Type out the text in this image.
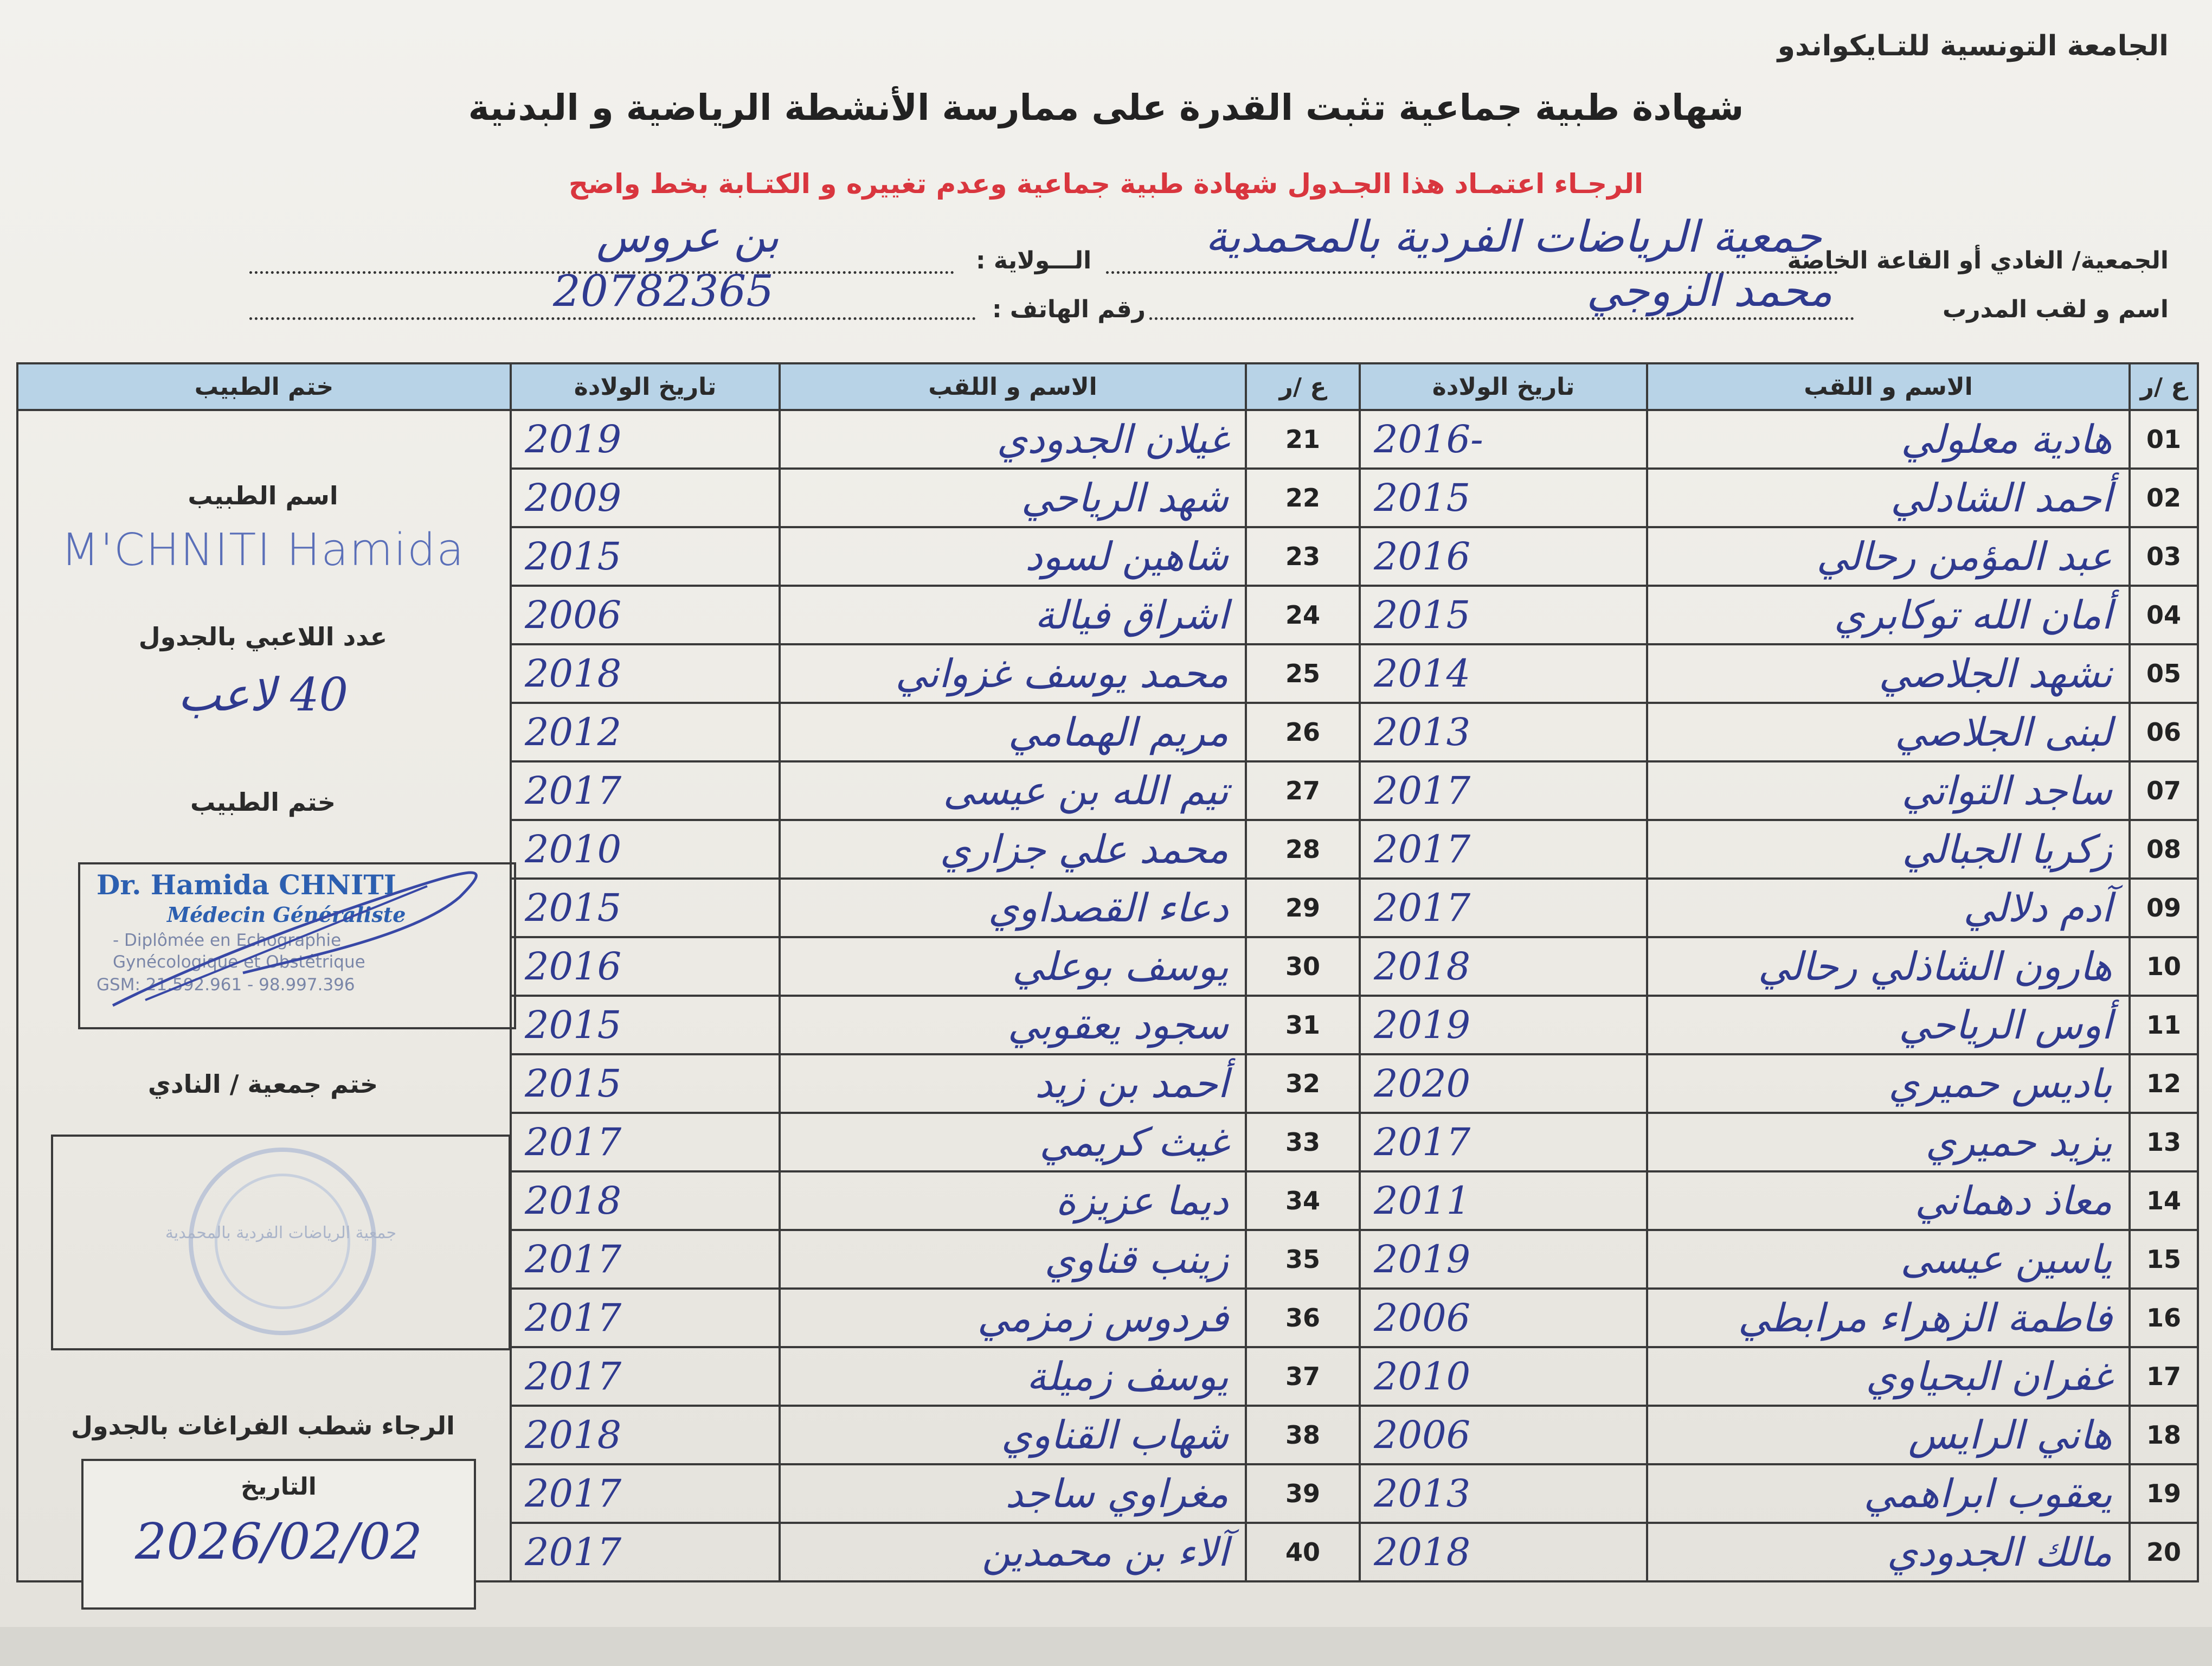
الجامعة التونسية للتـايكواندو
شهادة طبية جماعية تثبت القدرة على ممارسة الأنشطة الرياضية و البدنية
الرجـاء اعتمـاد هذا الجـدول شهادة طبية جماعية وعدم تغييره و الكتـابة بخط واضح
الجمعية/ الغادي أو القاعة الخاصة
جمعية الرياضات الفردية بالمحمدية
الـــولاية :
بن عروس
اسم و لقب المدرب
محمد الزوجي
رقم الهاتف :
20782365
ختم الطبيب	تاريخ الولادة	الاسم و اللقب	ع /ر	تاريخ الولادة	الاسم و اللقب	ع /ر
	2019	غيلان الجدودي	21	2016-	هادية معلولي	01
	2009	شهد الرياحي	22	2015	أحمد الشادلي	02
	2015	شاهين لسود	23	2016	عبد المؤمن رحالي	03
	2006	اشراق فيالة	24	2015	أمان الله توكابري	04
	2018	محمد يوسف غزواني	25	2014	نشهد الجلاصي	05
	2012	مريم الهمامي	26	2013	لبنى الجلاصي	06
	2017	تيم الله بن عيسى	27	2017	ساجد التواتي	07
	2010	محمد علي جزاري	28	2017	زكريا الجبالي	08
	2015	دعاء القصداوي	29	2017	آدم دلالي	09
	2016	يوسف بوعلي	30	2018	هارون الشاذلي رحالي	10
	2015	سجود يعقوبي	31	2019	أوس الرياحي	11
	2015	أحمد بن زيد	32	2020	باديس حميري	12
	2017	غيث كريمي	33	2017	يزيد حميري	13
	2018	ديما عزيزة	34	2011	معاذ دهماني	14
	2017	زينب قناوي	35	2019	ياسين عيسى	15
	2017	فردوس زمزمي	36	2006	فاطمة الزهراء مرابطي	16
	2017	يوسف زميلة	37	2010	غفران البحياوي	17
	2018	شهاب القناوي	38	2006	هاني الرايس	18
	2017	مغراوي ساجد	39	2013	يعقوب ابراهمي	19
	2017	آلاء بن محمدين	40	2018	مالك الجدودي	20
اسم الطبيب
M'CHNITI Hamida
عدد اللاعبي بالجدول
40 لاعب
ختم الطبيب
Dr. Hamida CHNITI
Médecin Généraliste
- Diplômée en Echographie
Gynécologique et Obstétrique
GSM: 21.592.961 - 98.997.396
ختم جمعية / النادي
جمعية الرياضات الفردية بالمحمدية
الرجاء شطب الفراغات بالجدول
التاريخ
2026/02/02
